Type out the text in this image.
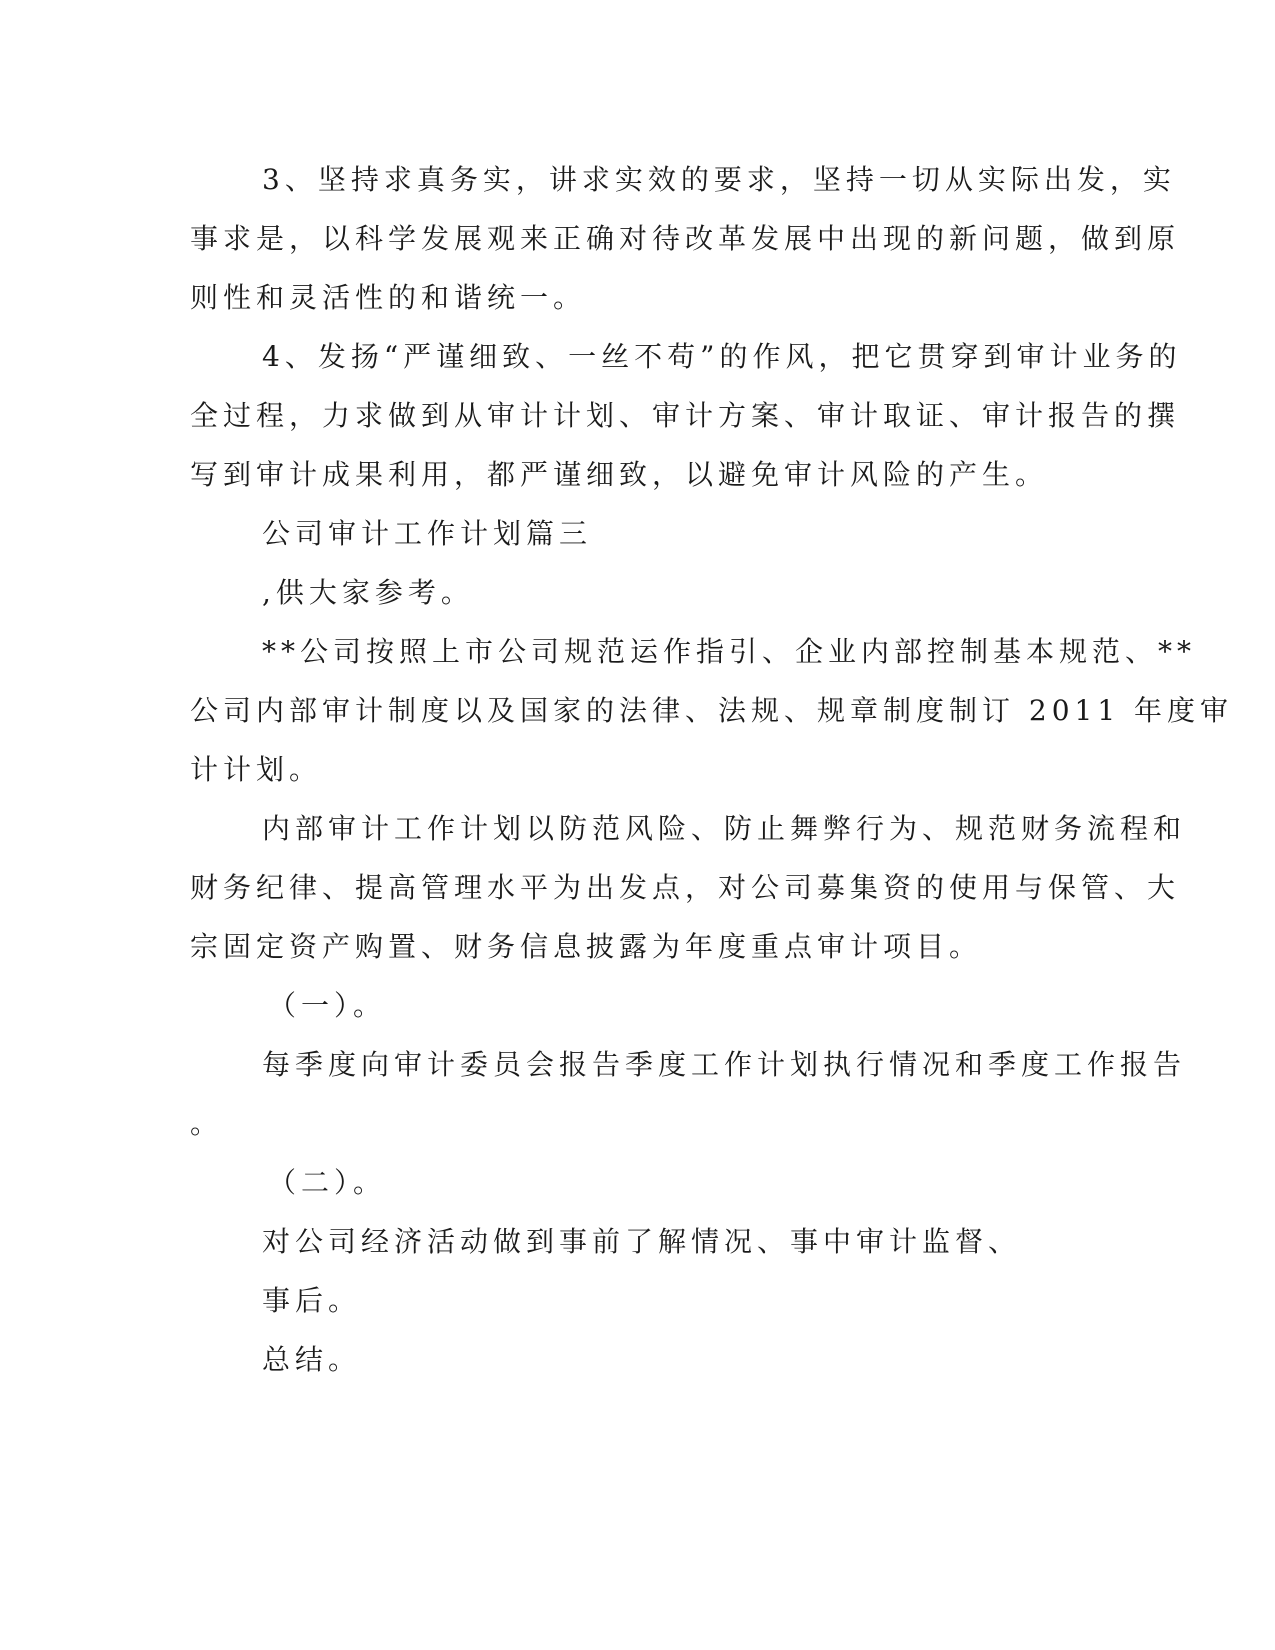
3、坚持求真务实，讲求实效的要求，坚持一切从实际出发，实
事求是，以科学发展观来正确对待改革发展中出现的新问题，做到原
则性和灵活性的和谐统一。
4、发扬“严谨细致、一丝不苟”的作风，把它贯穿到审计业务的
全过程，力求做到从审计计划、审计方案、审计取证、审计报告的撰
写到审计成果利用，都严谨细致，以避免审计风险的产生。
公司审计工作计划篇三
,供大家参考。
**公司按照上市公司规范运作指引、企业内部控制基本规范、**
公司内部审计制度以及国家的法律、法规、规章制度制订 2011 年度审
计计划。
内部审计工作计划以防范风险、防止舞弊行为、规范财务流程和
财务纪律、提高管理水平为出发点，对公司募集资的使用与保管、大
宗固定资产购置、财务信息披露为年度重点审计项目。
（一）。
每季度向审计委员会报告季度工作计划执行情况和季度工作报告
。
（二）。
对公司经济活动做到事前了解情况、事中审计监督、
事后。
总结。
